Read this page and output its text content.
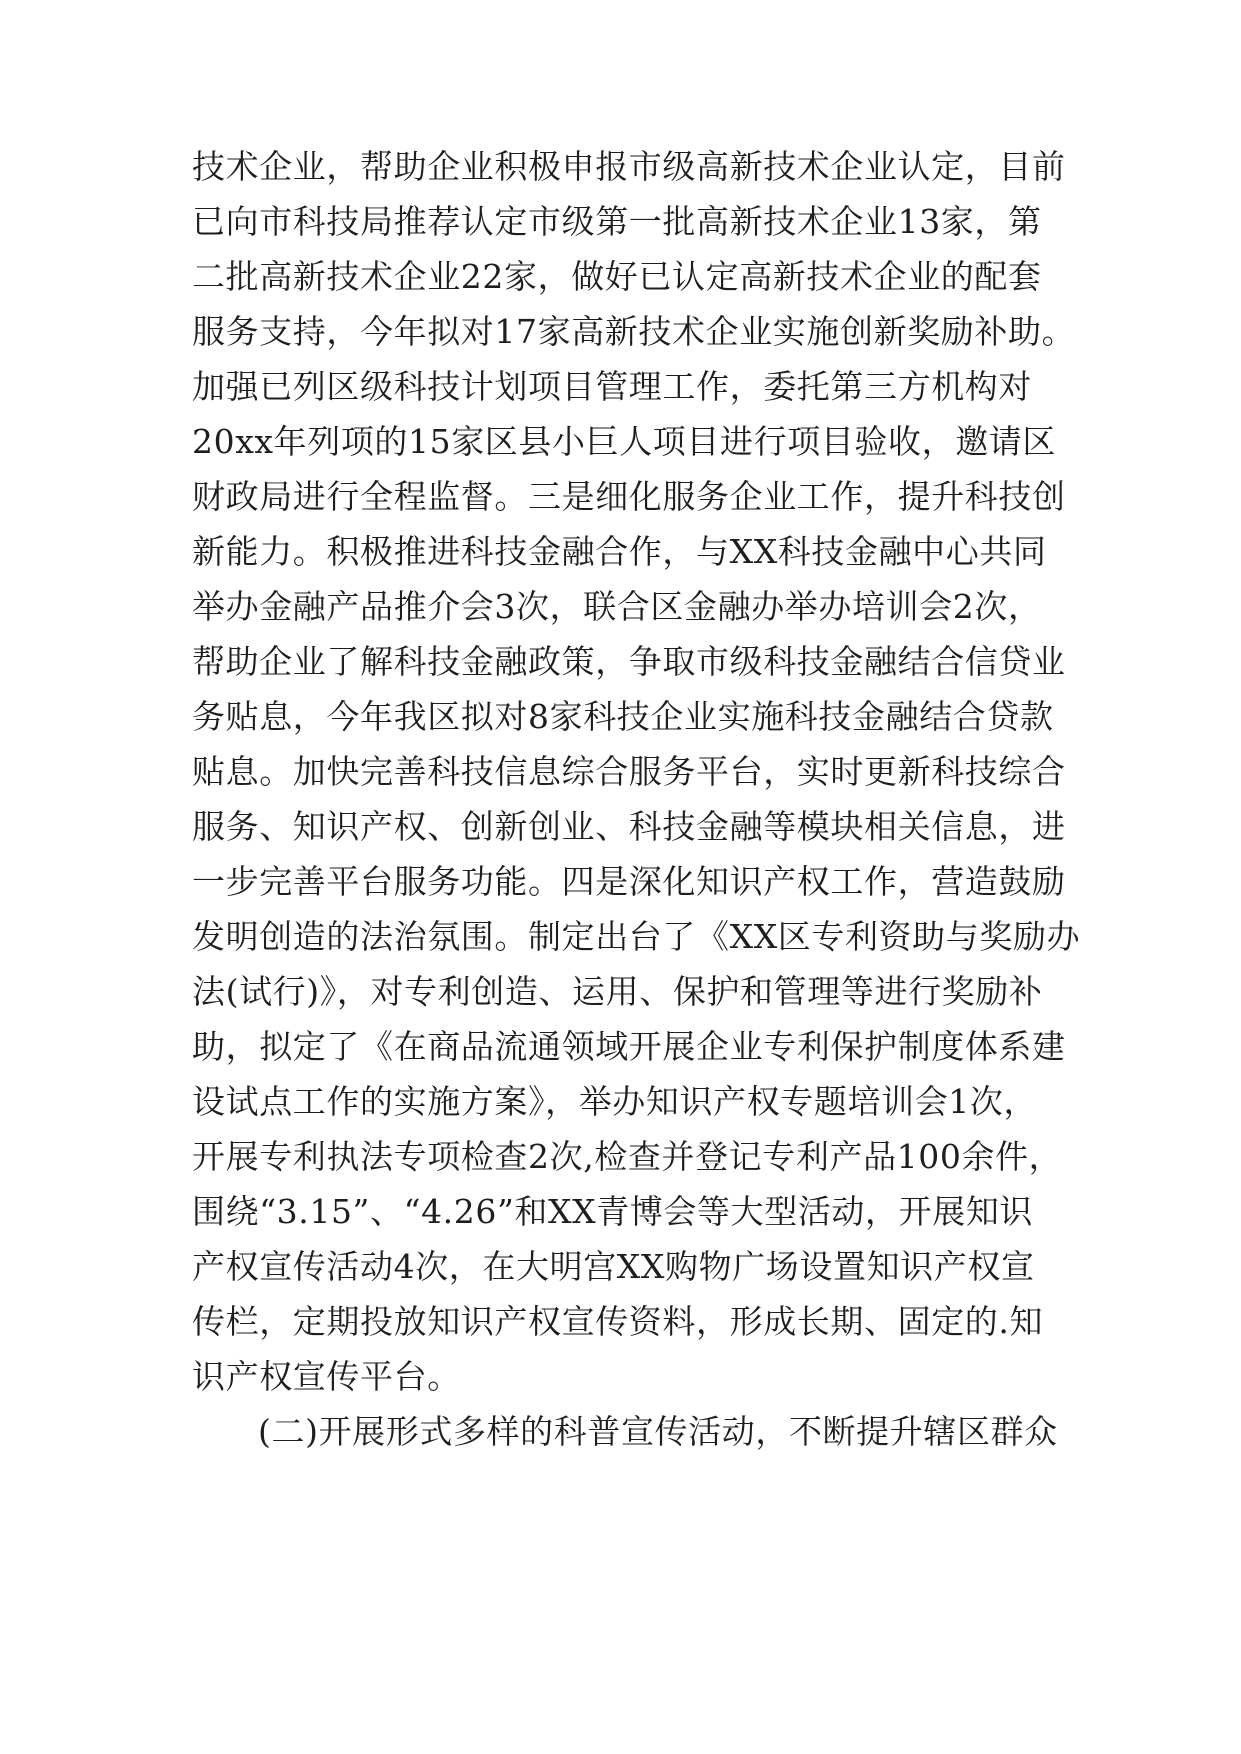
技术企业，帮助企业积极申报市级高新技术企业认定，目前
已向市科技局推荐认定市级第一批高新技术企业13家，第
二批高新技术企业22家，做好已认定高新技术企业的配套
服务支持，今年拟对17家高新技术企业实施创新奖励补助。
加强已列区级科技计划项目管理工作，委托第三方机构对
20xx年列项的15家区县小巨人项目进行项目验收，邀请区
财政局进行全程监督。三是细化服务企业工作，提升科技创
新能力。积极推进科技金融合作，与XX科技金融中心共同
举办金融产品推介会3次，联合区金融办举办培训会2次，
帮助企业了解科技金融政策，争取市级科技金融结合信贷业
务贴息，今年我区拟对8家科技企业实施科技金融结合贷款
贴息。加快完善科技信息综合服务平台，实时更新科技综合
服务、知识产权、创新创业、科技金融等模块相关信息，进
一步完善平台服务功能。四是深化知识产权工作，营造鼓励
发明创造的法治氛围。制定出台了《XX区专利资助与奖励办
法(试行)》，对专利创造、运用、保护和管理等进行奖励补
助，拟定了《在商品流通领域开展企业专利保护制度体系建
设试点工作的实施方案》，举办知识产权专题培训会1次，
开展专利执法专项检查2次,检查并登记专利产品100余件，
围绕“3.15”、“4.26”和XX青博会等大型活动，开展知识
产权宣传活动4次，在大明宫XX购物广场设置知识产权宣
传栏，定期投放知识产权宣传资料，形成长期、固定的.知
识产权宣传平台。
(二)开展形式多样的科普宣传活动，不断提升辖区群众
